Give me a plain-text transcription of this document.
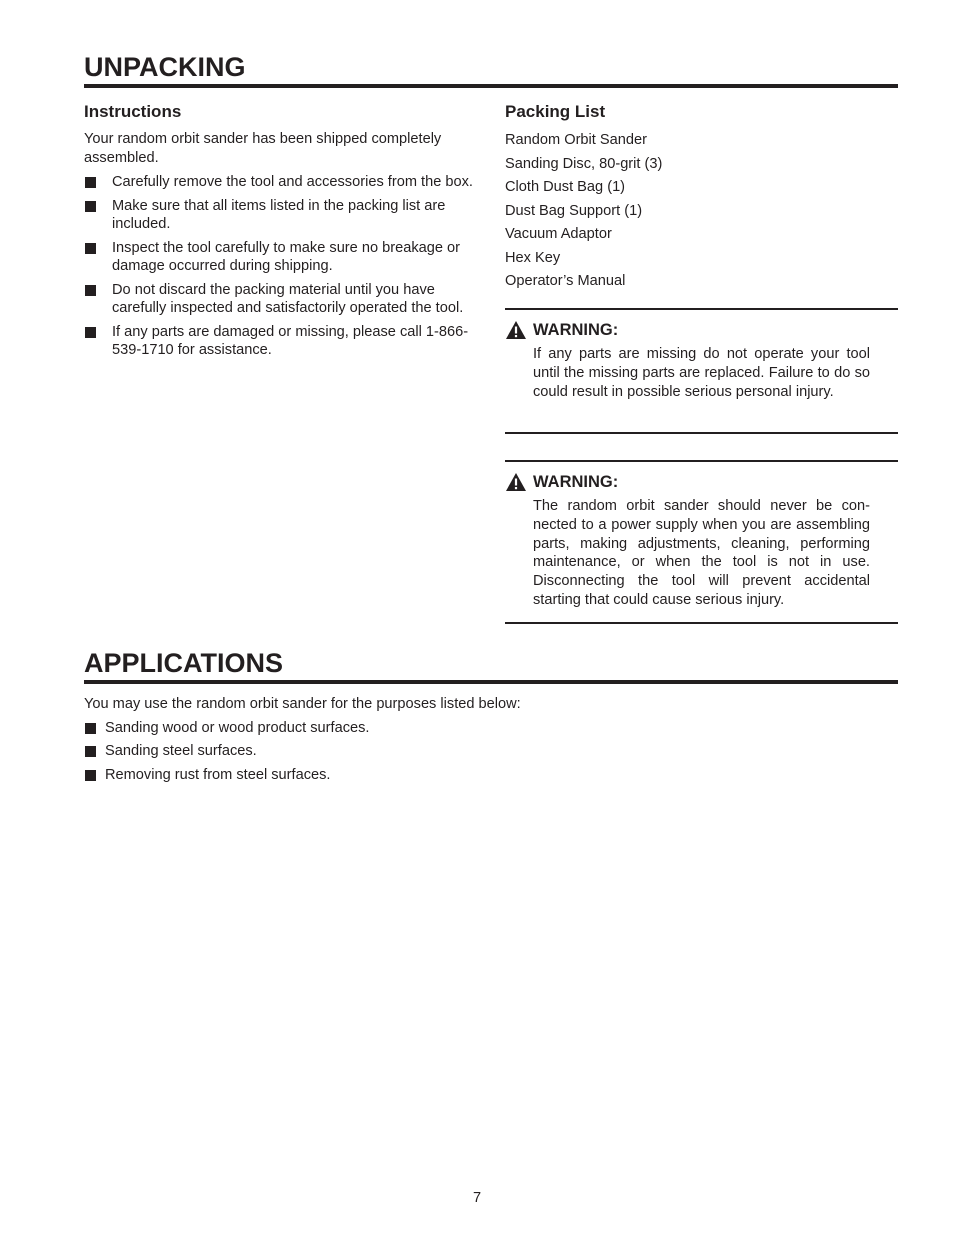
UNPACKING
Instructions

Your random orbit sander has been shipped completely assembled.

Carefully remove the tool and accessories from the box.
Make sure that all items listed in the packing list are included.
Inspect the tool carefully to make sure no breakage or damage occurred during shipping.
Do not discard the packing material until you have carefully inspected and satisfactorily operated the tool.
If any parts are damaged or missing, please call 1-866-539-1710 for assistance.
Packing List
Random Orbit Sander
Sanding Disc, 80-grit (3)
Cloth Dust Bag (1)
Dust Bag Support (1)
Vacuum Adaptor
Hex Key
Operator’s Manual
WARNING:

If any parts are missing do not operate your tool until the missing parts are replaced. Failure to do so could result in possible serious personal injury.

WARNING:

The random orbit sander should never be connected to a power supply when you are assembling parts, making adjustments, cleaning, performing maintenance, or when the tool is not in use. Disconnecting the tool will prevent accidental starting that could cause serious injury.

APPLICATIONS

You may use the random orbit sander for the purposes listed below:

Sanding wood or wood product surfaces.
Sanding steel surfaces.
Removing rust from steel surfaces.
7
